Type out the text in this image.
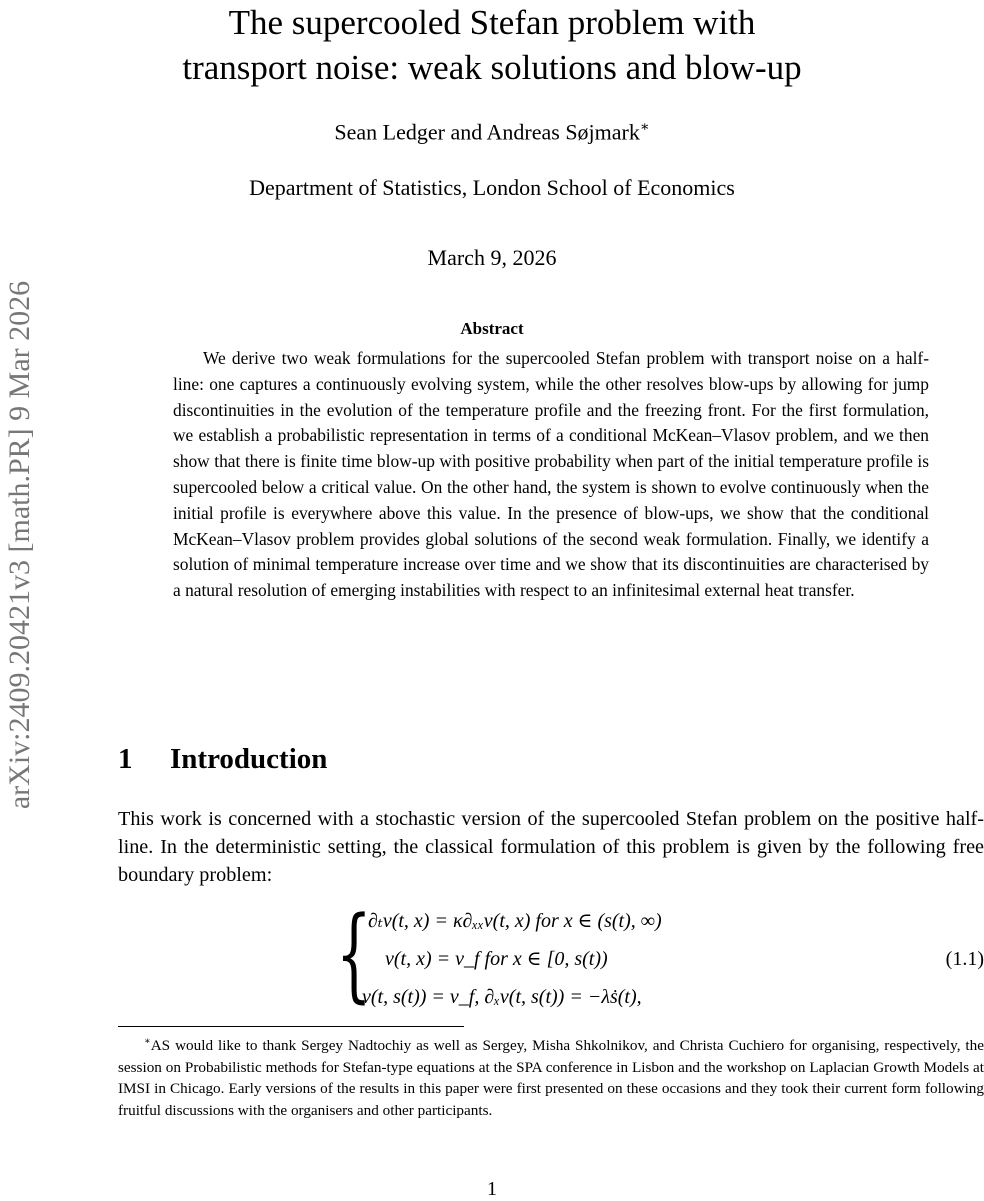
arXiv:2409.20421v3 [math.PR] 9 Mar 2026
The supercooled Stefan problem with
transport noise: weak solutions and blow-up
Sean Ledger and Andreas Søjmark∗
Department of Statistics, London School of Economics
March 9, 2026
Abstract
We derive two weak formulations for the supercooled Stefan problem with transport noise on a half-line: one captures a continuously evolving system, while the other resolves blow-ups by allowing for jump discontinuities in the evolution of the temperature profile and the freezing front. For the first formulation, we establish a probabilistic representation in terms of a conditional McKean–Vlasov problem, and we then show that there is finite time blow-up with positive probability when part of the initial temperature profile is supercooled below a critical value. On the other hand, the system is shown to evolve continuously when the initial profile is everywhere above this value. In the presence of blow-ups, we show that the conditional McKean–Vlasov problem provides global solutions of the second weak formulation. Finally, we identify a solution of minimal temperature increase over time and we show that its discontinuities are characterised by a natural resolution of emerging instabilities with respect to an infinitesimal external heat transfer.
1 Introduction
This work is concerned with a stochastic version of the supercooled Stefan problem on the positive half-line. In the deterministic setting, the classical formulation of this problem is given by the following free boundary problem:
{
∂ₜv(t, x) = κ∂ₓₓv(t, x) for x ∈ (s(t), ∞)
v(t, x) = v_f for x ∈ [0, s(t))
v(t, s(t)) = v_f, ∂ₓv(t, s(t)) = −λṡ(t),
(1.1)
∗AS would like to thank Sergey Nadtochiy as well as Sergey, Misha Shkolnikov, and Christa Cuchiero for organising, respectively, the session on Probabilistic methods for Stefan-type equations at the SPA conference in Lisbon and the workshop on Laplacian Growth Models at IMSI in Chicago. Early versions of the results in this paper were first presented on these occasions and they took their current form following fruitful discussions with the organisers and other participants.
1
